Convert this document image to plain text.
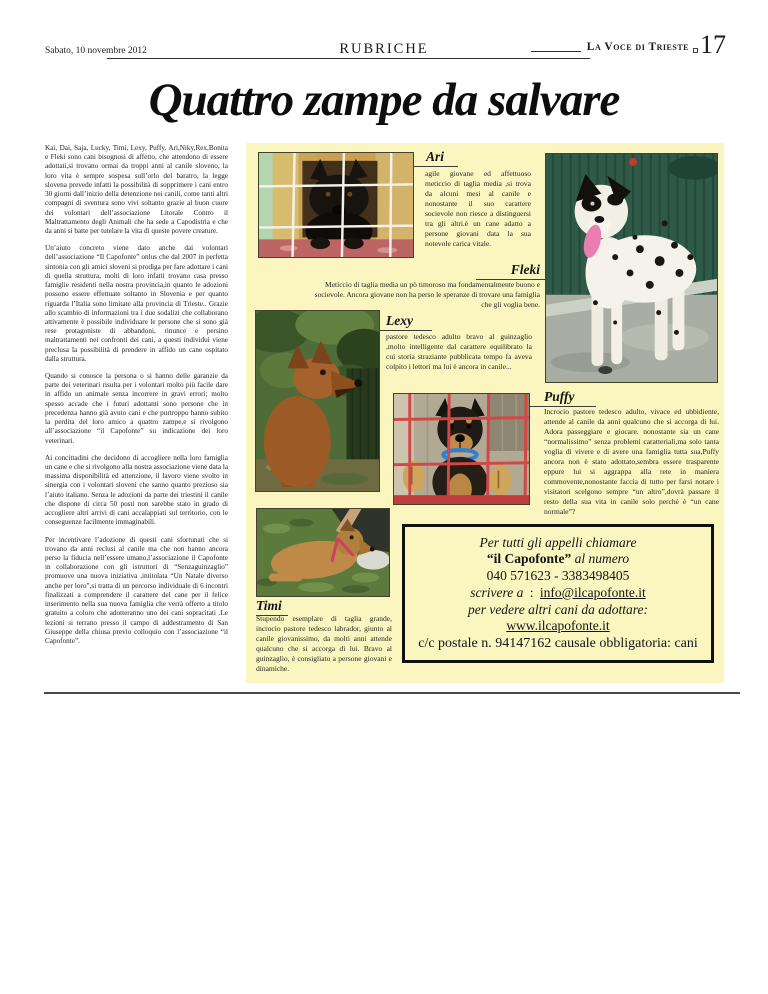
Sabato, 10 novembre 2012	RUBRICHE	La Voce di Trieste 17
Quattro zampe da salvare

Kai, Dai, Saja, Lucky, Timi, Lexy, Puffy, Ari,Niky,Rex,Bonita e Fleki sono cani bisognosi di affetto, che attendono di essere adottati,si trovano ormai da troppi anni al canile sloveno, la loro vita è sempre sospesa sull’orlo del baratro, la legge slovena prevede infatti la possibilità di sopprimere i cani entro 30 giorni dall’inizio della detenzione nei canili, come tanti altri compagni di sventura sono vivi soltanto grazie al buon cuore dei volontari dell’associazione Litorale Contro il Maltrattamento degli Animali che ha sede a Capodistria e che da anni si batte per tutelare la vita di queste povere creature.

Un’aiuto concreto viene dato anche dai volontari dell’associazione “Il Capofonte” onlus che dal 2007 in perfetta sintonia con gli amici sloveni si prodiga per fare adottare i cani di quella struttura, molti di loro infatti trovano casa presso famiglie residenti nella nostra provincia,in quanto le adozioni possono essere effettuate soltanto in Slovenia e per quanto riguarda l’Italia sono limitate alla provincia di Trieste.. Grazie allo scambio di informazioni tra i due sodalizi che collaborano attivamente è possibile individuare le persone che si sono già rese protagoniste di abbandoni, rinunce e persino maltrattamenti nei confronti dei cani, a questi individui viene preclusa la possibilità di prendere in affido un cane ospitato dalla struttura.

Quando si conosce la persona o si hanno delle garanzie da parte dei veterinari risulta per i volontari molto più facile dare in affido un animale senza incorrere in gravi errori; molto spesso accade che i futuri adottanti sono persone che in precedenza hanno già avuto cani e che purtroppo hanno subito la perdita del loro amico a quattro zampe,e si rivolgono all’associazione “il Capofonte” su indicazione dei loro veterinari.

Ai concittadini che decidono di accogliere nella loro famiglia un cane e che si rivolgono alla nostra associazione viene data la massima disponibilità ed attenzione, il lavoro viene svolto in sinergia con i volontari sloveni che sanno quanto prezioso sia l’aiuto italiano. Senza le adozioni da parte dei triestini il canile che dispone di circa 50 posti non sarebbe stato in grado di accogliere altri arrivi di cani accalappiati sul territorio, con le conseguenze facilmente immaginabili.

Per incentivare l’adozione di questi cani sfortunati che si trovano da anni reclusi al canile ma che non hanno ancora perso la fiducia nell’essere umano,l’associazione il Capofonte in collaborazione con gli istruttori di “Senzaguinzaglio” promuove una nuova iniziativa ,intitolata “Un Natale diverso anche per loro”,si tratta di un percorso individuale di 6 incontri finalizzati a comprendere il carattere del cane per il felice inserimento nella sua nuova famiglia che verrà offerto a titolo gratuito a coloro che adotteranno uno dei cani sopracitati .Le lezioni si terrano presso il campo di addestramento di San Giuseppe della chiusa previo colloquio con l’associazione “il Capofonte”.

Ari
agile giovane ed affettuoso meticcio di taglia media ,si trova da alcuni mesi al canile e nonostante il suo carattere socievole non riesce a distinguersi tra gli altri.è un cane adatto a persone giovani data la sua notevole carica vitale.
Fleki
Meticcio di taglia media un pò timoroso ma fondamentalmente buono e socievole. Ancora giovane non ha perso le speranze di trovare una famiglia che gli voglia bene.
Lexy
pastore tedesco adulto bravo al guinzaglio ,molto intelligente dal carattere equilibrato la cui storia straziante pubblicata tempo fa aveva colpito i lettori ma lui è ancora in canile...
Puffy
Incrocio pastore tedesco adulto, vivace ed ubbidiente, attende al canile da anni qualcuno che si accorga di lui. Adora passeggiare e giocare. nonostante sia un cane “normalissimo” senza problemi caratteriali,ma solo tanta voglia di vivere e di avere una famiglia tutta sua,Puffy ancora non è stato adottato,sembra essere trasparente eppure lui si aggrappa alla rete in maniera commovente,nonostante faccia di tutto per farsi notare i visitatori scelgono sempre “un altro”,dovrà passare il resto della sua vita in canile solo perchè è “un cane normale”?
Timi
Stupendo esemplare di taglia grande, incrocio pastore tedesco labrador, giunto al canile giovanissimo, da molti anni attende qualcuno che si accorga di lui. Bravo al guinzaglio, è consigliato a persone giovani e dinamiche.
Per tutti gli appelli chiamare
“il Capofonte” al numero
040 571623 - 3383498405
scrivere a : info@ilcapofonte.it
per vedere altri cani da adottare:
www.ilcapofonte.it
c/c postale n. 94147162 causale obbligatoria: cani
